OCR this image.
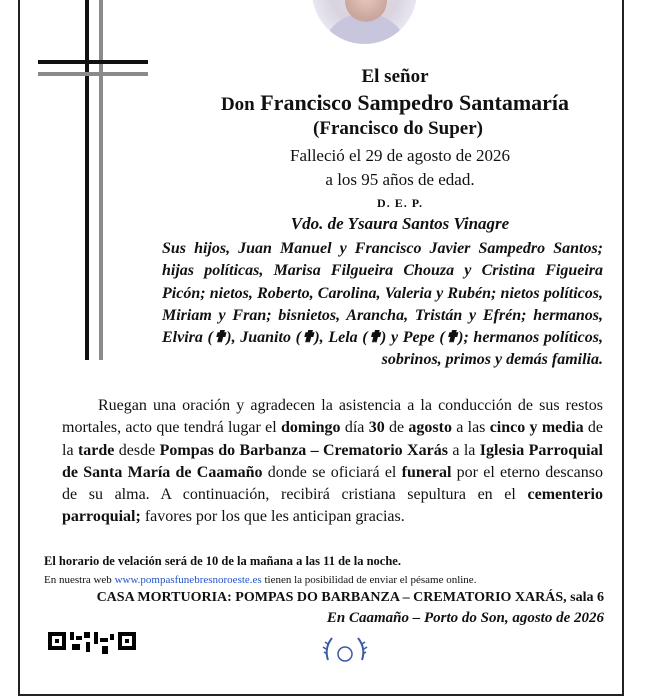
El señor
Don Francisco Sampedro Santamaría
(Francisco do Super)
Falleció el 29 de agosto de 2026
a los 95 años de edad.
D. E. P.
Vdo. de Ysaura Santos Vinagre
Sus hijos, Juan Manuel y Francisco Javier Sampedro Santos; hijas políticas, Marisa Filgueira Chouza y Cristina Figueira Picón; nietos, Roberto, Carolina, Valeria y Rubén; nietos políticos, Miriam y Fran; bisnietos, Arancha, Tristán y Efrén; hermanos, Elvira (✟), Juanito (✟), Lela (✟) y Pepe (✟); hermanos políticos, sobrinos, primos y demás familia.
Ruegan una oración y agradecen la asistencia a la conducción de sus restos mortales, acto que tendrá lugar el domingo día 30 de agosto a las cinco y media de la tarde desde Pompas do Barbanza – Crematorio Xarás a la Iglesia Parroquial de Santa María de Caamaño donde se oficiará el funeral por el eterno descanso de su alma. A continuación, recibirá cristiana sepultura en el cementerio parroquial; favores por los que les anticipan gracias.
El horario de velación será de 10 de la mañana a las 11 de la noche.
En nuestra web www.pompasfunebresnoroeste.es tienen la posibilidad de enviar el pésame online.
CASA MORTUORIA: POMPAS DO BARBANZA – CREMATORIO XARÁS, sala 6
En Caamaño – Porto do Son, agosto de 2026
